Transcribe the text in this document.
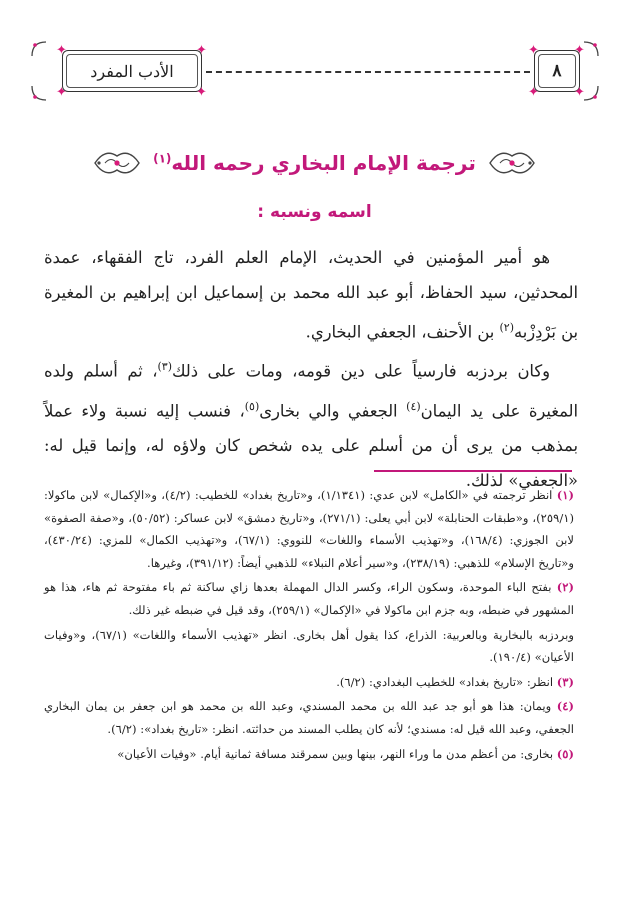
الأدب المفرد
✦	✦
✦	✦
٨
✦	✦
✦	✦
ترجمة الإمام البخاري رحمه الله$^{(١)}$
اسمه ونسبه :

هو أمير المؤمنين في الحديث، الإمام العلم الفرد، تاج الفقهاء، عمدة المحدثين، سيد الحفاظ، أبو عبد الله محمد بن إسماعيل ابن إبراهيم بن المغيرة بن بَرْدِزْبه$^{(٢)}$ بن الأحنف، الجعفي البخاري.

وكان بردزبه فارسياً على دين قومه، ومات على ذلك$^{(٣)}$، ثم أسلم ولده المغيرة على يد اليمان$^{(٤)}$ الجعفي والي بخارى$^{(٥)}$، فنسب إليه نسبة ولاء عملاً بمذهب من يرى أن من أسلم على يده شخص كان ولاؤه له، وإنما قيل له: «الجعفي» لذلك.

(١) انظر ترجمته في «الكامل» لابن عدي: (١/١٣٤١)، و«تاريخ بغداد» للخطيب: (٤/٢)، و«الإكمال» لابن ماكولا: (٢٥٩/١)، و«طبقات الحنابلة» لابن أبي يعلى: (٢٧١/١)، و«تاريخ دمشق» لابن عساكر: (٥٠/٥٢)، و«صفة الصفوة» لابن الجوزي: (١٦٨/٤)، و«تهذيب الأسماء واللغات» للنووي: (٦٧/١)، و«تهذيب الكمال» للمزي: (٤٣٠/٢٤)، و«تاريخ الإسلام» للذهبي: (٢٣٨/١٩)، و«سير أعلام النبلاء» للذهبي أيضاً: (٣٩١/١٢)، وغيرها.

(٢) بفتح الباء الموحدة، وسكون الراء، وكسر الدال المهملة بعدها زاي ساكنة ثم باء مفتوحة ثم هاء، هذا هو المشهور في ضبطه، وبه جزم ابن ماكولا في «الإكمال» (٢٥٩/١)، وقد قيل في ضبطه غير ذلك.

وبردزبه بالبخارية وبالعربية: الذراع، كذا يقول أهل بخارى. انظر «تهذيب الأسماء واللغات» (٦٧/١)، و«وفيات الأعيان» (١٩٠/٤).

(٣) انظر: «تاريخ بغداد» للخطيب البغدادي: (٦/٢).

(٤) ويمان: هذا هو أبو جد عبد الله بن محمد المسندي، وعبد الله بن محمد هو ابن جعفر بن يمان البخاري الجعفي، وعبد الله قيل له: مسندي؛ لأنه كان يطلب المسند من حداثته. انظر: «تاريخ بغداد»: (٦/٢).

(٥) بخارى: من أعظم مدن ما وراء النهر، بينها وبين سمرقند مسافة ثمانية أيام. «وفيات الأعيان»
